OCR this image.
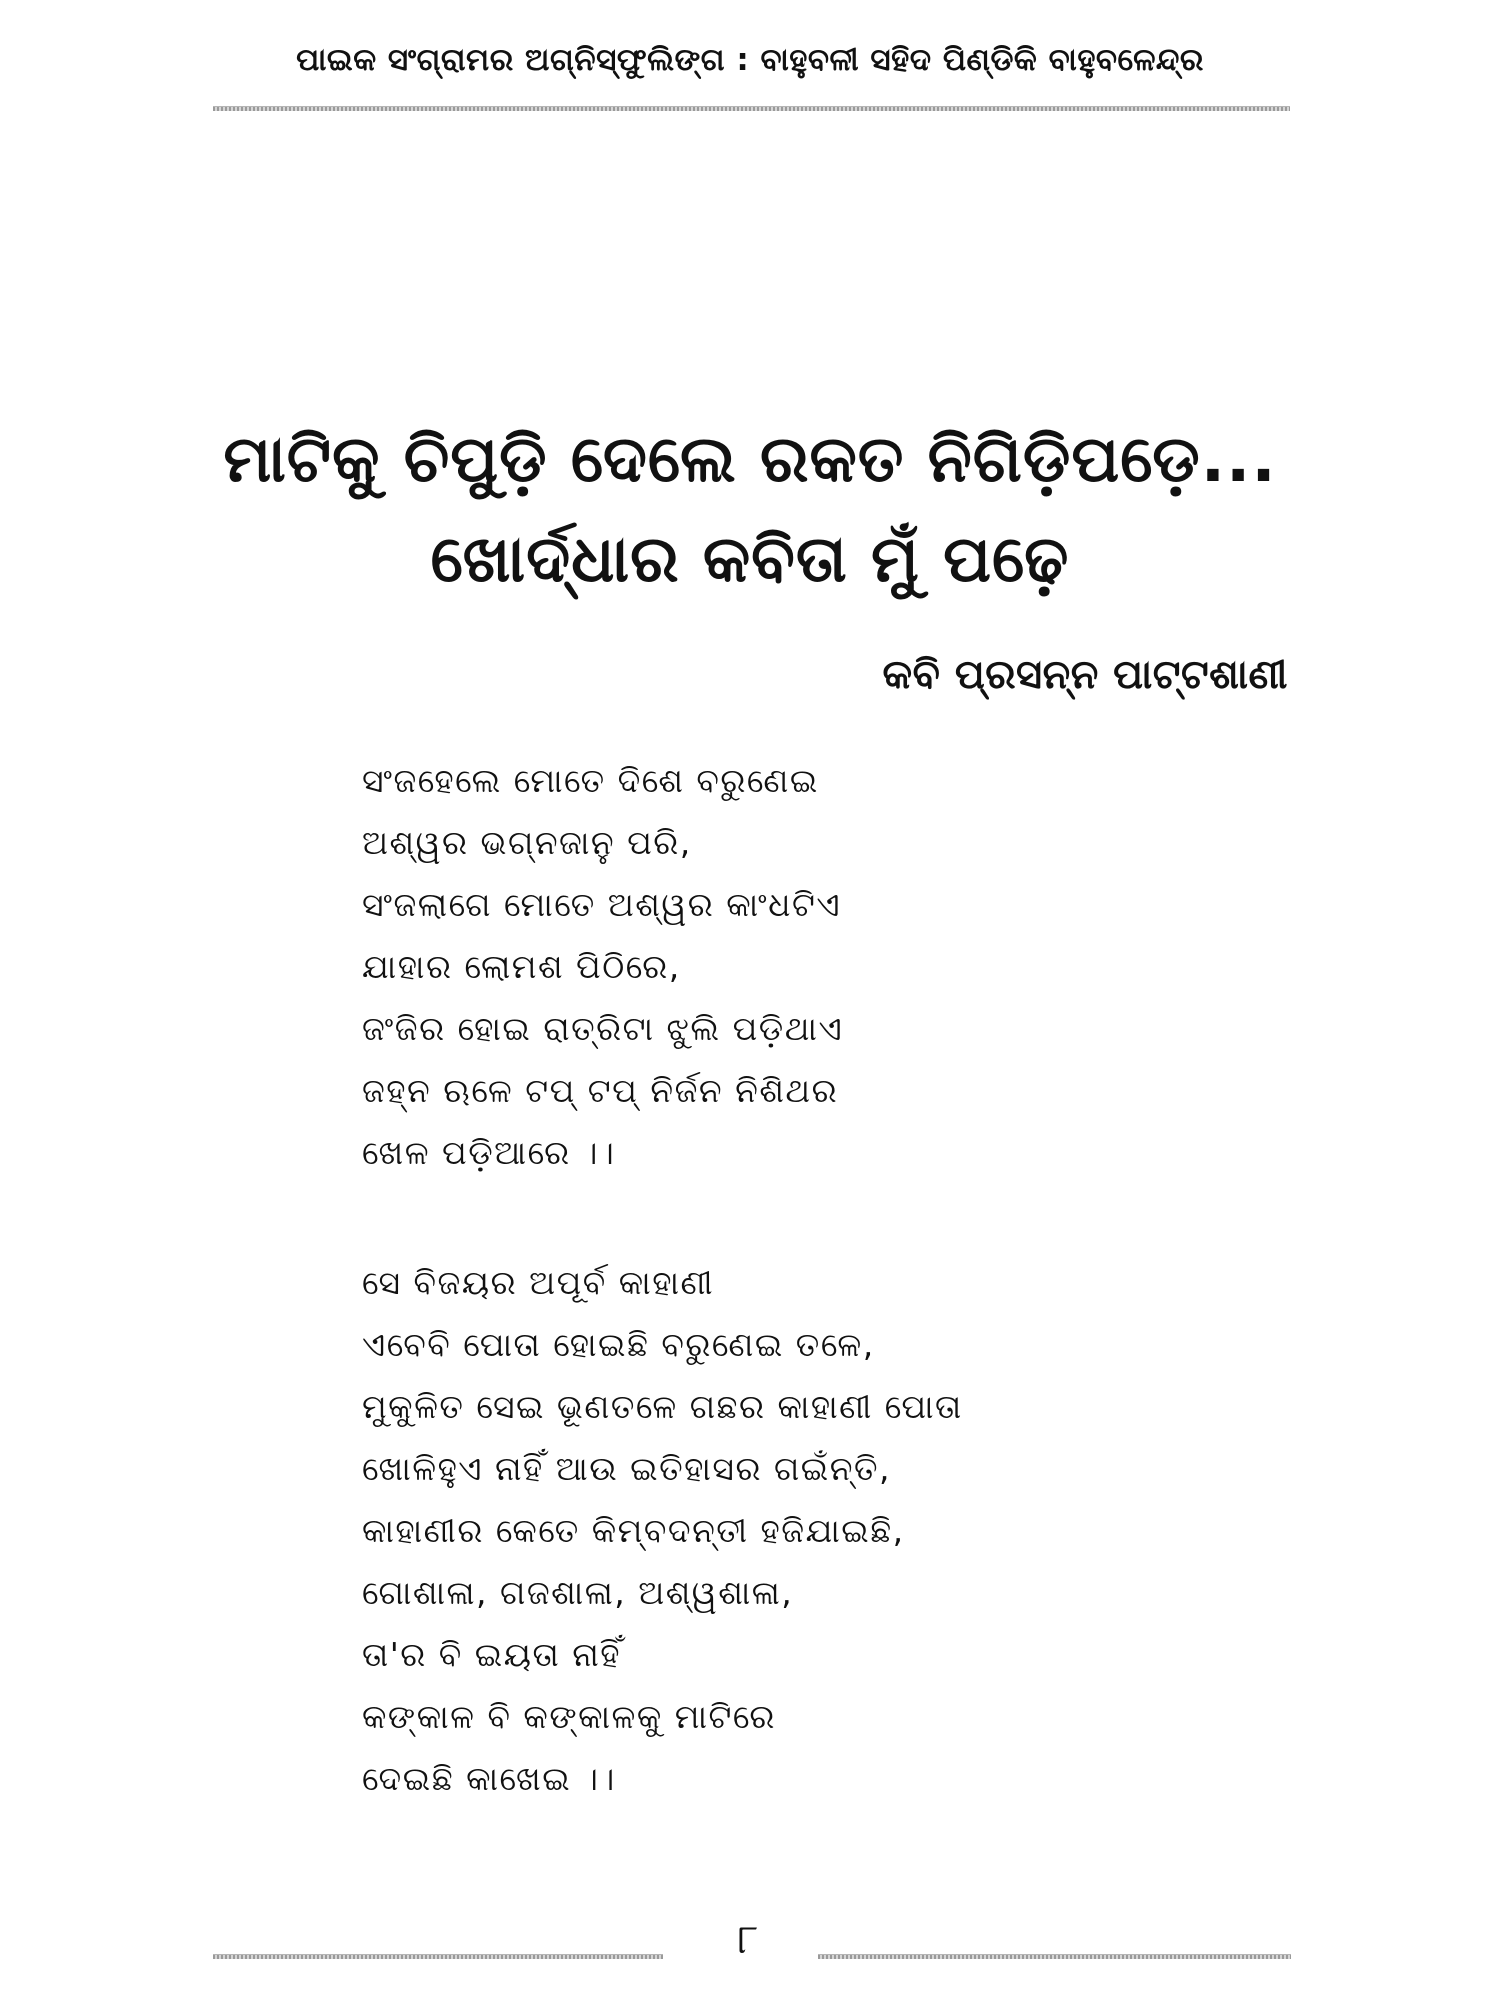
ପାଇକ ସଂଗ୍ରାମର ଅଗ୍ନିସ୍ଫୁଲିଙ୍ଗ : ବାହୁବଳୀ ସହିଦ ପିଣ୍ଡିକି ବାହୁବଳେନ୍ଦ୍ର
ମାଟିକୁ ଚିପୁଡ଼ି ଦେଲେ ରକତ ନିଗିଡ଼ିପଡ଼େ...
ଖୋର୍ଦ୍ଧାର କବିତା ମୁଁ ପଢ଼େ
କବି ପ୍ରସନ୍ନ ପାଟ୍ଟଶାଣୀ
ସଂଜହେଲେ ମୋତେ ଦିଶେ ବରୁଣେଇ
ଅଶ୍ୱର ଭଗ୍ନଜାନୁ ପରି,
ସଂଜଲାଗେ ମୋତେ ଅଶ୍ୱର କାଂଧଟିଏ
ଯାହାର ଲୋମଶ ପିଠିରେ,
ଜଂଜିର ହୋଇ ରାତ୍ରିଟା ଝୁଲି ପଡ଼ିଥାଏ
ଜହ୍ନ ଋଳେ ଟପ୍ ଟପ୍ ନିର୍ଜନ ନିଶିଥର
ଖେଳ ପଡ଼ିଆରେ ।।
ସେ ବିଜୟର ଅପୂର୍ବ କାହାଣୀ
ଏବେବି ପୋତା ହୋଇଛି ବରୁଣେଇ ତଳେ,
ମୁକୁଳିତ ସେଇ ଭୂଣତଳେ ଗଛର କାହାଣୀ ପୋତା
ଖୋଳିହୁଏ ନାହିଁ ଆଉ ଇତିହାସର ଗଇଁନ୍ତି,
କାହାଣୀର କେତେ କିମ୍ବଦନ୍ତୀ ହଜିଯାଇଛି,
ଗୋଶାଳା, ଗଜଶାଳା, ଅଶ୍ୱଶାଳା,
ତା'ର ବି ଇୟତା ନାହିଁ
କଙ୍କାଳ ବି କଙ୍କାଳକୁ ମାଟିରେ
ଦେଇଛି କାଖେଇ ।।
୮
